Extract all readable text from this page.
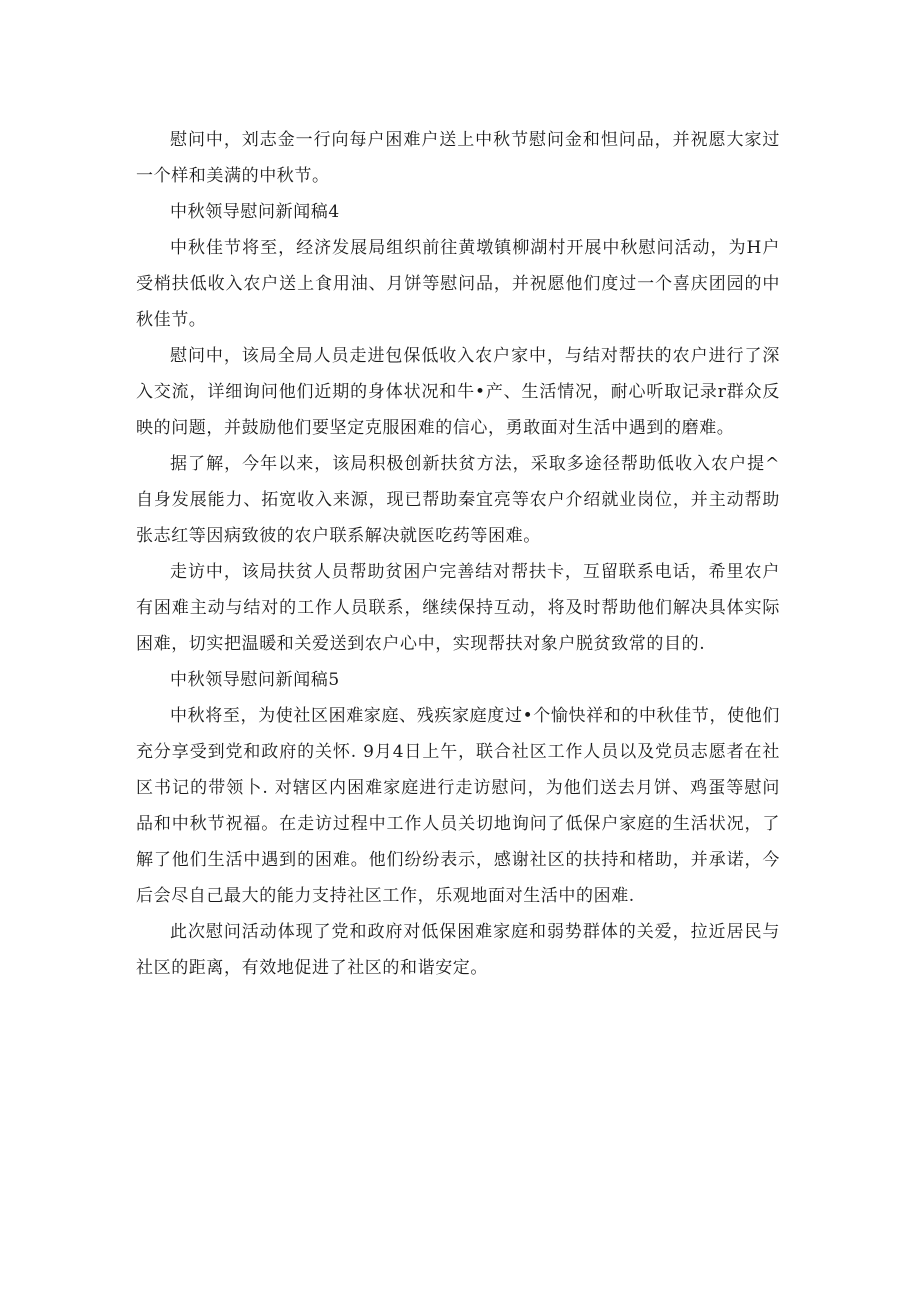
慰问中，刘志金一行向每户困难户送上中秋节慰问金和怛问品，并祝愿大家过一个样和美满的中秋节。

中秋领导慰问新闻稿4

中秋佳节将至，经济发展局组织前往黄墩镇柳湖村开展中秋慰问活动，为H户受梢扶低收入农户送上食用油、月饼等慰问品，并祝愿他们度过一个喜庆团园的中秋佳节。

慰问中，该局全局人员走进包保低收入农户家中，与结对帮扶的农户进行了深入交流，详细询问他们近期的身体状况和牛•产、生活情况，耐心听取记录r群众反映的问题，并鼓励他们要坚定克服困难的信心，勇敢面对生活中遇到的磨难。

据了解，今年以来，该局积极创新扶贫方法，采取多途径帮助低收入农户提^自身发展能力、拓宽收入来源，现已帮助秦宜亮等农户介绍就业岗位，并主动帮助张志红等因病致彼的农户联系解决就医吃药等困难。

走访中，该局扶贫人员帮助贫困户完善结对帮扶卡，互留联系电话，希里农户有困难主动与结对的工作人员联系，继续保持互动，将及时帮助他们解决具体实际困难，切实把温暖和关爱送到农户心中，实现帮扶对象户脱贫致常的目的.

中秋领导慰问新闻稿5

中秋将至，为使社区困难家庭、残疾家庭度过•个愉快祥和的中秋佳节，使他们充分享受到党和政府的关怀. 9月4日上午，联合社区工作人员以及党员志愿者在社区书记的带领卜. 对辖区内困难家庭进行走访慰问，为他们送去月饼、鸡蛋等慰问品和中秋节祝福。在走访过程中工作人员关切地询问了低保户家庭的生活状况，了解了他们生活中遇到的困难。他们纷纷表示，感谢社区的扶持和楮助，并承诺，今后会尽自己最大的能力支持社区工作，乐观地面对生活中的困难.

此次慰问活动体现了党和政府对低保困难家庭和弱势群体的关爱，拉近居民与社区的距离，有效地促进了社区的和谐安定。
